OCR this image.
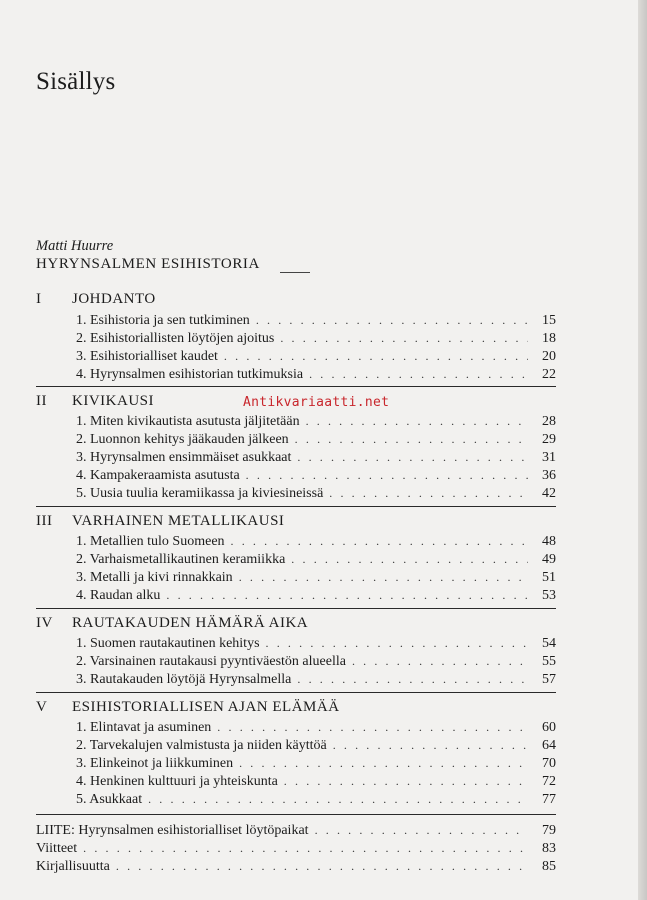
Sisällys
Antikvariaatti.net
Matti Huurre
HYRYNSALMEN ESIHISTORIA
I JOHDANTO
1. Esihistoria ja sen tutkiminen . . .	15
2. Esihistoriallisten löytöjen ajoitus . . .	18
3. Esihistorialliset kaudet . . .	20
4. Hyrynsalmen esihistorian tutkimuksia . . .	22
II KIVIKAUSI
1. Miten kivikautista asutusta jäljitetään . . .	28
2. Luonnon kehitys jääkauden jälkeen . . .	29
3. Hyrynsalmen ensimmäiset asukkaat . . .	31
4. Kampakeraamista asutusta . . .	36
5. Uusia tuulia keramiikassa ja kiviesineissä . . .	42
III VARHAINEN METALLIKAUSI
1. Metallien tulo Suomeen . . .	48
2. Varhaismetallikautinen keramiikka . . .	49
3. Metalli ja kivi rinnakkain . . .	51
4. Raudan alku . . .	53
IV RAUTAKAUDEN HÄMÄRÄ AIKA
1. Suomen rautakautinen kehitys . . .	54
2. Varsinainen rautakausi pyyntiväestön alueella . . .	55
3. Rautakauden löytöjä Hyrynsalmella . . .	57
V ESIHISTORIALLISEN AJAN ELÄMÄÄ
1. Elintavat ja asuminen . . .	60
2. Tarvekalujen valmistusta ja niiden käyttöä . . .	64
3. Elinkeinot ja liikkuminen . . .	70
4. Henkinen kulttuuri ja yhteiskunta . . .	72
5. Asukkaat . . .	77
LIITE: Hyrynsalmen esihistorialliset löytöpaikat . . .	79
Viitteet . . .	83
Kirjallisuutta . . .	85
